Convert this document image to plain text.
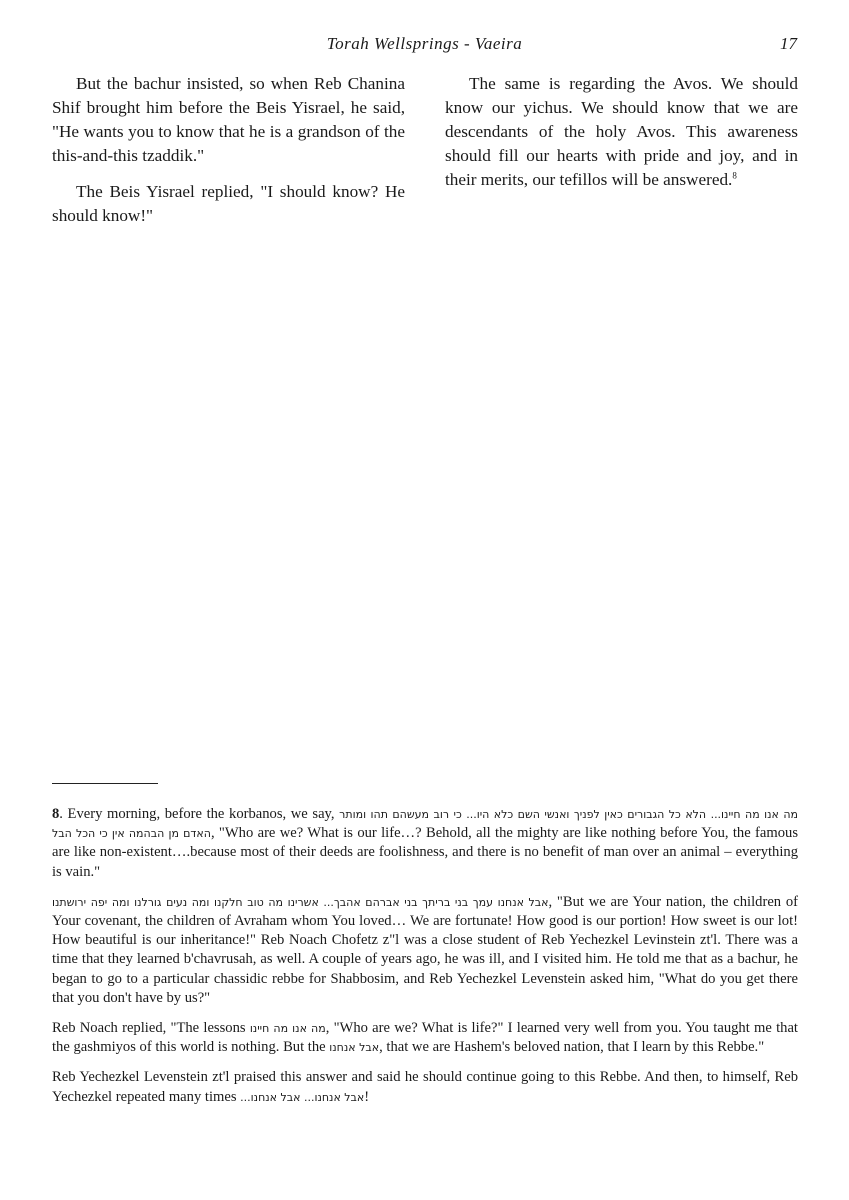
Torah Wellsprings - Vaeira	17

But the bachur insisted, so when Reb Chanina Shif brought him before the Beis Yisrael, he said, "He wants you to know that he is a grandson of the this-and-this tzaddik."

The Beis Yisrael replied, "I should know? He should know!"

The same is regarding the Avos. We should know our yichus. We should know that we are descendants of the holy Avos. This awareness should fill our hearts with pride and joy, and in their merits, our tefillos will be answered.$^8$

8. Every morning, before the korbanos, we say, מה אנו מה חיינו... הלא כל הגבורים כאין לפניך ואנשי השם כלא היו... כי רוב מעשהם תהו ומותר האדם מן הבהמה אין כי הכל הבל, "Who are we? What is our life…? Behold, all the mighty are like nothing before You, the famous are like non-existent….because most of their deeds are foolishness, and there is no benefit of man over an animal – everything is vain."

אבל אנחנו עמך בני בריתך בני אברהם אהבך... אשרינו מה טוב חלקנו ומה נעים גורלנו ומה יפה ירושתנו, "But we are Your nation, the children of Your covenant, the children of Avraham whom You loved… We are fortunate! How good is our portion! How sweet is our lot! How beautiful is our inheritance!" Reb Noach Chofetz z"l was a close student of Reb Yechezkel Levinstein zt'l. There was a time that they learned b'chavrusah, as well. A couple of years ago, he was ill, and I visited him. He told me that as a bachur, he began to go to a particular chassidic rebbe for Shabbosim, and Reb Yechezkel Levenstein asked him, "What do you get there that you don't have by us?"

Reb Noach replied, "The lessons מה אנו מה חיינו, "Who are we? What is life?" I learned very well from you. You taught me that the gashmiyos of this world is nothing. But the אבל אנחנו, that we are Hashem's beloved nation, that I learn by this Rebbe."

Reb Yechezkel Levenstein zt'l praised this answer and said he should continue going to this Rebbe. And then, to himself, Reb Yechezkel repeated many times אבל אנחנו... אבל אנחנו...!
